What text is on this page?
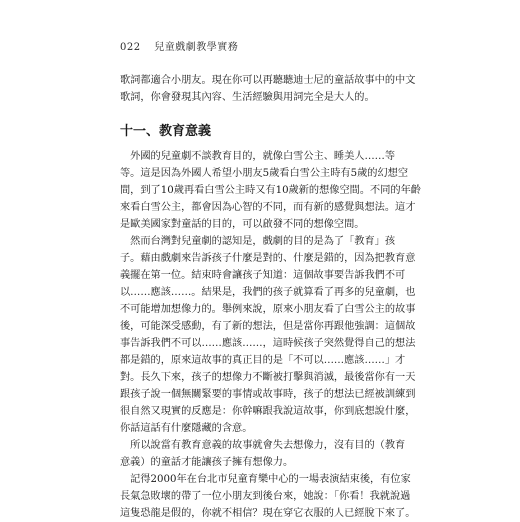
022 兒童戲劇教學實務

歌詞都適合小朋友。現在你可以再聽聽迪士尼的童話故事中的中文

歌詞，你會發現其內容、生活經驗與用詞完全是大人的。

十一、教育意義

　外國的兒童劇不談教育目的，就像白雪公主、睡美人……等

等。這是因為外國人希望小朋友5歲看白雪公主時有5歲的幻想空

間，到了10歲再看白雪公主時又有10歲新的想像空間。不同的年齡

來看白雪公主，都會因為心智的不同，而有新的感覺與想法。這才

是歐美國家對童話的目的，可以啟發不同的想像空間。

　然而台灣對兒童劇的認知是，戲劇的目的是為了「教育」孩

子。藉由戲劇來告訴孩子什麼是對的、什麼是錯的，因為把教育意

義擺在第一位。結束時會讓孩子知道：這個故事要告訴我們不可

以……應該……。結果是，我們的孩子就算看了再多的兒童劇，也

不可能增加想像力的。舉例來說，原來小朋友看了白雪公主的故事

後，可能深受感動，有了新的想法，但是當你再跟他強調：這個故

事告訴我們不可以……應該……，這時候孩子突然覺得自己的想法

都是錯的，原來這故事的真正目的是「不可以……應該……」才

對。長久下來，孩子的想像力不斷被打擊與消滅，最後當你有一天

跟孩子說一個無關緊要的事情或故事時，孩子的想法已經被訓練到

很自然又現實的反應是：你幹嘛跟我說這故事，你到底想說什麼，

你話這話有什麼隱藏的含意。

　所以說當有教育意義的故事就會失去想像力，沒有目的（教育

意義）的童話才能讓孩子擁有想像力。

　記得2000年在台北市兒童育樂中心的一場表演結束後，有位家

長氣急敗壞的帶了一位小朋友到後台來，她說：「你看！我就說過

這隻恐龍是假的，你就不相信？現在穿它衣服的人已經脫下來了。
